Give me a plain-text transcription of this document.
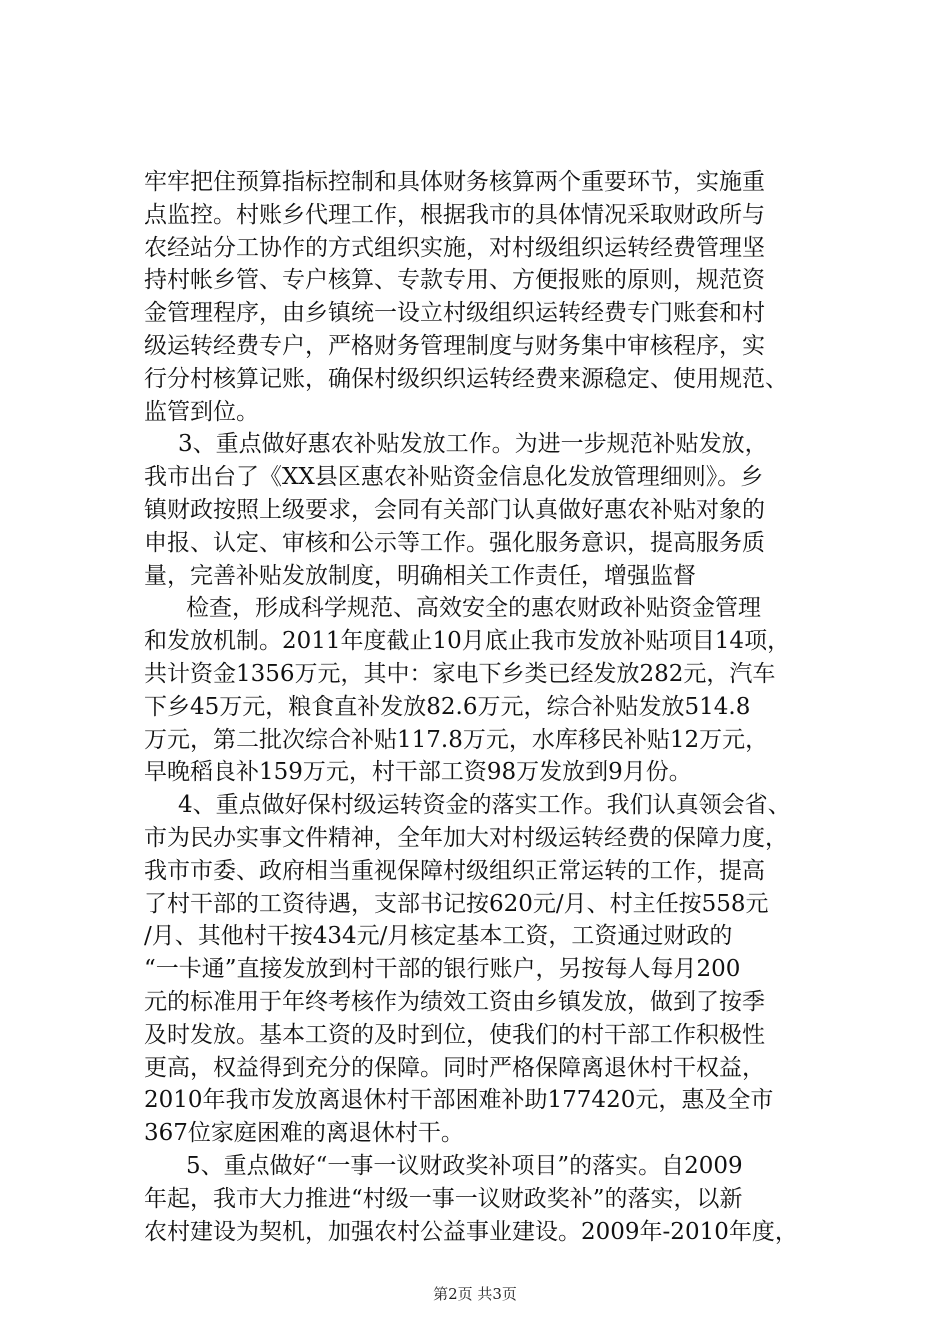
牢牢把住预算指标控制和具体财务核算两个重要环节，实施重
点监控。村账乡代理工作，根据我市的具体情况采取财政所与
农经站分工协作的方式组织实施，对村级组织运转经费管理坚
持村帐乡管、专户核算、专款专用、方便报账的原则，规范资
金管理程序，由乡镇统一设立村级组织运转经费专门账套和村
级运转经费专户，严格财务管理制度与财务集中审核程序，实
行分村核算记账，确保村级织织运转经费来源稳定、使用规范、
监管到位。
3、重点做好惠农补贴发放工作。为进一步规范补贴发放，
我市出台了《XX县区惠农补贴资金信息化发放管理细则》。乡
镇财政按照上级要求，会同有关部门认真做好惠农补贴对象的
申报、认定、审核和公示等工作。强化服务意识，提高服务质
量，完善补贴发放制度，明确相关工作责任，增强监督
检查，形成科学规范、高效安全的惠农财政补贴资金管理
和发放机制。2011年度截止10月底止我市发放补贴项目14项，
共计资金1356万元，其中：家电下乡类已经发放282元，汽车
下乡45万元，粮食直补发放82.6万元，综合补贴发放514.8
万元，第二批次综合补贴117.8万元，水库移民补贴12万元，
早晚稻良补159万元，村干部工资98万发放到9月份。
4、重点做好保村级运转资金的落实工作。我们认真领会省、
市为民办实事文件精神，全年加大对村级运转经费的保障力度，
我市市委、政府相当重视保障村级组织正常运转的工作，提高
了村干部的工资待遇，支部书记按620元/月、村主任按558元
/月、其他村干按434元/月核定基本工资，工资通过财政的
“一卡通”直接发放到村干部的银行账户，另按每人每月200
元的标准用于年终考核作为绩效工资由乡镇发放，做到了按季
及时发放。基本工资的及时到位，使我们的村干部工作积极性
更高，权益得到充分的保障。同时严格保障离退休村干权益，
2010年我市发放离退休村干部困难补助177420元，惠及全市
367位家庭困难的离退休村干。
5、重点做好“一事一议财政奖补项目”的落实。自2009
年起，我市大力推进“村级一事一议财政奖补”的落实，以新
农村建设为契机，加强农村公益事业建设。2009年-2010年度，
第2页 共3页
